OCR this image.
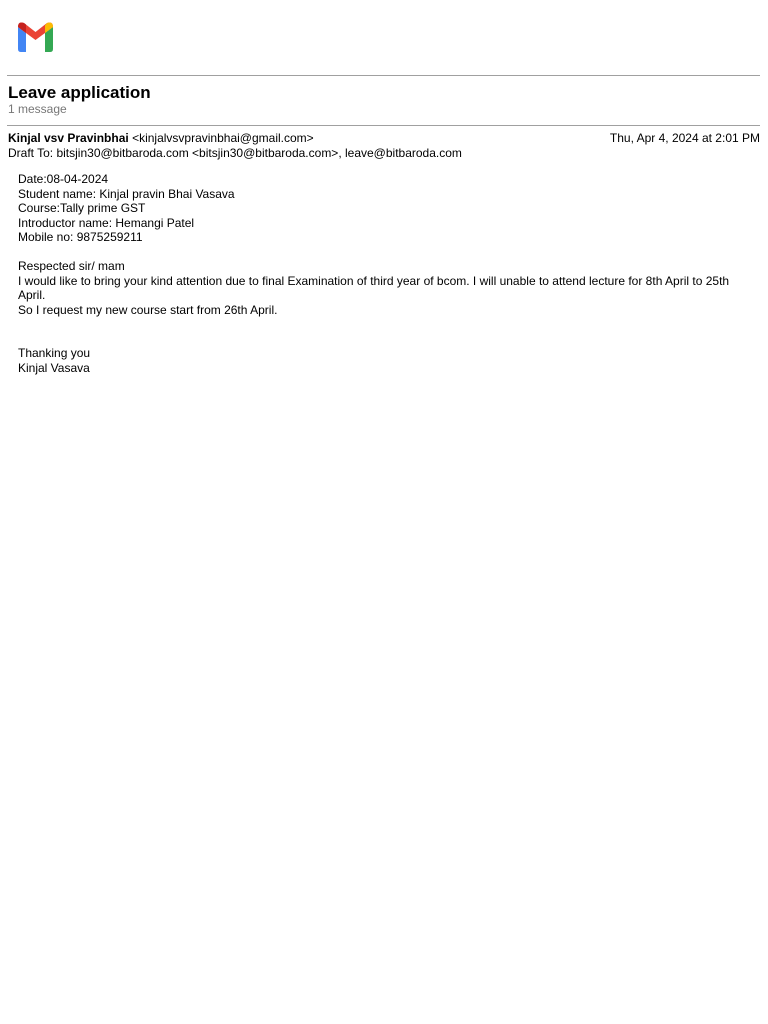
Leave application
1 message
Kinjal vsv Pravinbhai <kinjalvsvpravinbhai@gmail.com>	Thu, Apr 4, 2024 at 2:01 PM
Draft To: bitsjin30@bitbaroda.com <bitsjin30@bitbaroda.com>, leave@bitbaroda.com
Date:08-04-2024
Student name: Kinjal pravin Bhai Vasava
Course:Tally prime GST
Introductor name: Hemangi Patel
Mobile no: 9875259211
Respected sir/ mam
I would like to bring your kind attention due to final Examination of third year of bcom. I will unable to attend lecture for 8th April to 25th April.
So I request my new course start from 26th April.
Thanking you
Kinjal Vasava
